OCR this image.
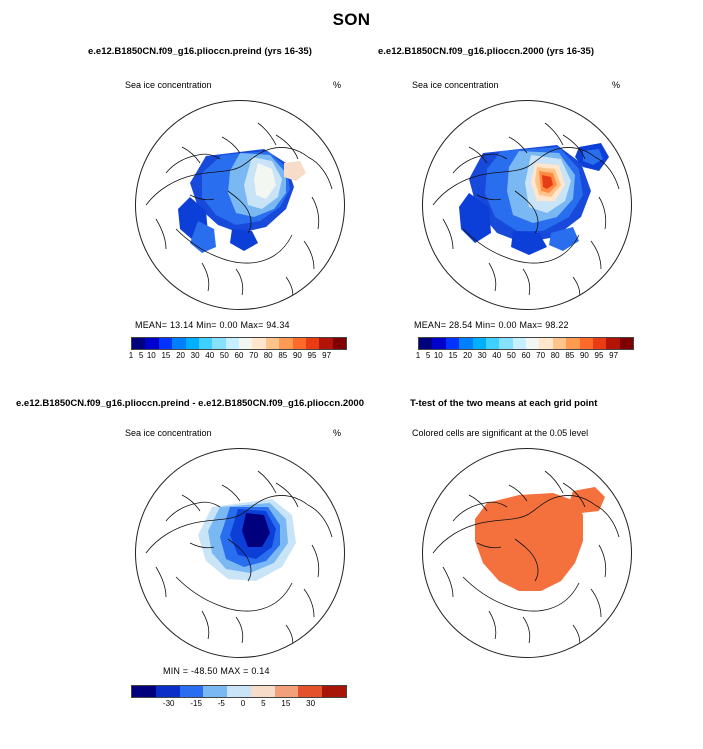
SON
e.e12.B1850CN.f09_g16.plioccn.preind (yrs 16-35)
Sea ice concentration	%
MEAN= 13.14 Min= 0.00 Max= 94.34
1 5 10 15 20 30 40 50 60 70 80 85 90 95 97
e.e12.B1850CN.f09_g16.plioccn.2000 (yrs 16-35)
Sea ice concentration	%
MEAN= 28.54 Min= 0.00 Max= 98.22
1 5 10 15 20 30 40 50 60 70 80 85 90 95 97
e.e12.B1850CN.f09_g16.plioccn.preind - e.e12.B1850CN.f09_g16.plioccn.2000
Sea ice concentration	%
MIN = -48.50 MAX = 0.14
-30	-15	-5	0	5	15	30
T-test of the two means at each grid point
Colored cells are significant at the 0.05 level
